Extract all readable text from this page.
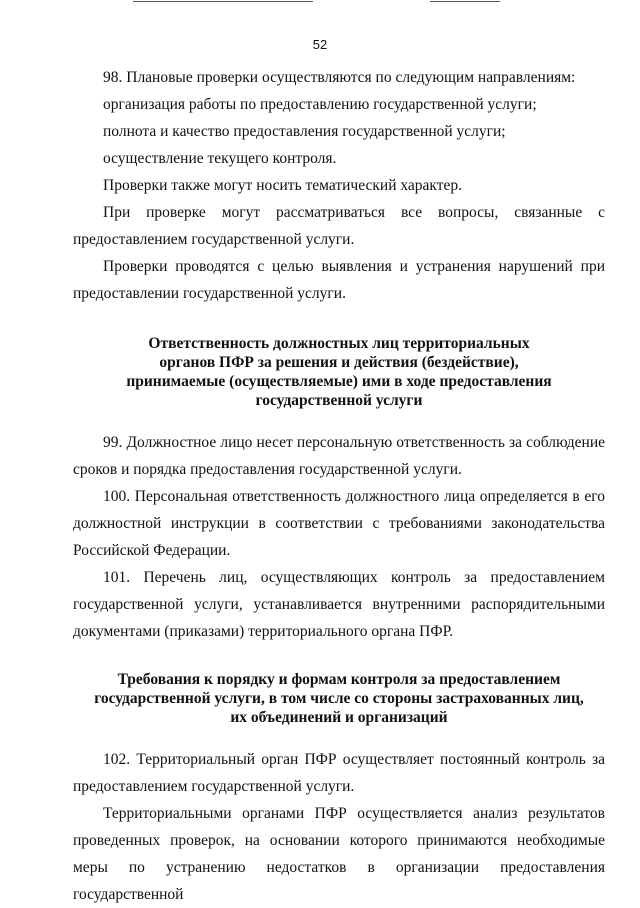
52

98. Плановые проверки осуществляются по следующим направлениям:

организация работы по предоставлению государственной услуги;

полнота и качество предоставления государственной услуги;

осуществление текущего контроля.

Проверки также могут носить тематический характер.

При проверке могут рассматриваться все вопросы, связанные с предоставлением государственной услуги.

Проверки проводятся с целью выявления и устранения нарушений при предоставлении государственной услуги.

Ответственность должностных лиц территориальных
органов ПФР за решения и действия (бездействие),
принимаемые (осуществляемые) ими в ходе предоставления
государственной услуги

99. Должностное лицо несет персональную ответственность за соблюдение сроков и порядка предоставления государственной услуги.

100. Персональная ответственность должностного лица определяется в его должностной инструкции в соответствии с требованиями законодательства Российской Федерации.

101. Перечень лиц, осуществляющих контроль за предоставлением государственной услуги, устанавливается внутренними распорядительными документами (приказами) территориального органа ПФР.

Требования к порядку и формам контроля за предоставлением
государственной услуги, в том числе со стороны застрахованных лиц,
их объединений и организаций

102. Территориальный орган ПФР осуществляет постоянный контроль за предоставлением государственной услуги.

Территориальными органами ПФР осуществляется анализ результатов проведенных проверок, на основании которого принимаются необходимые меры по устранению недостатков в организации предоставления государственной
